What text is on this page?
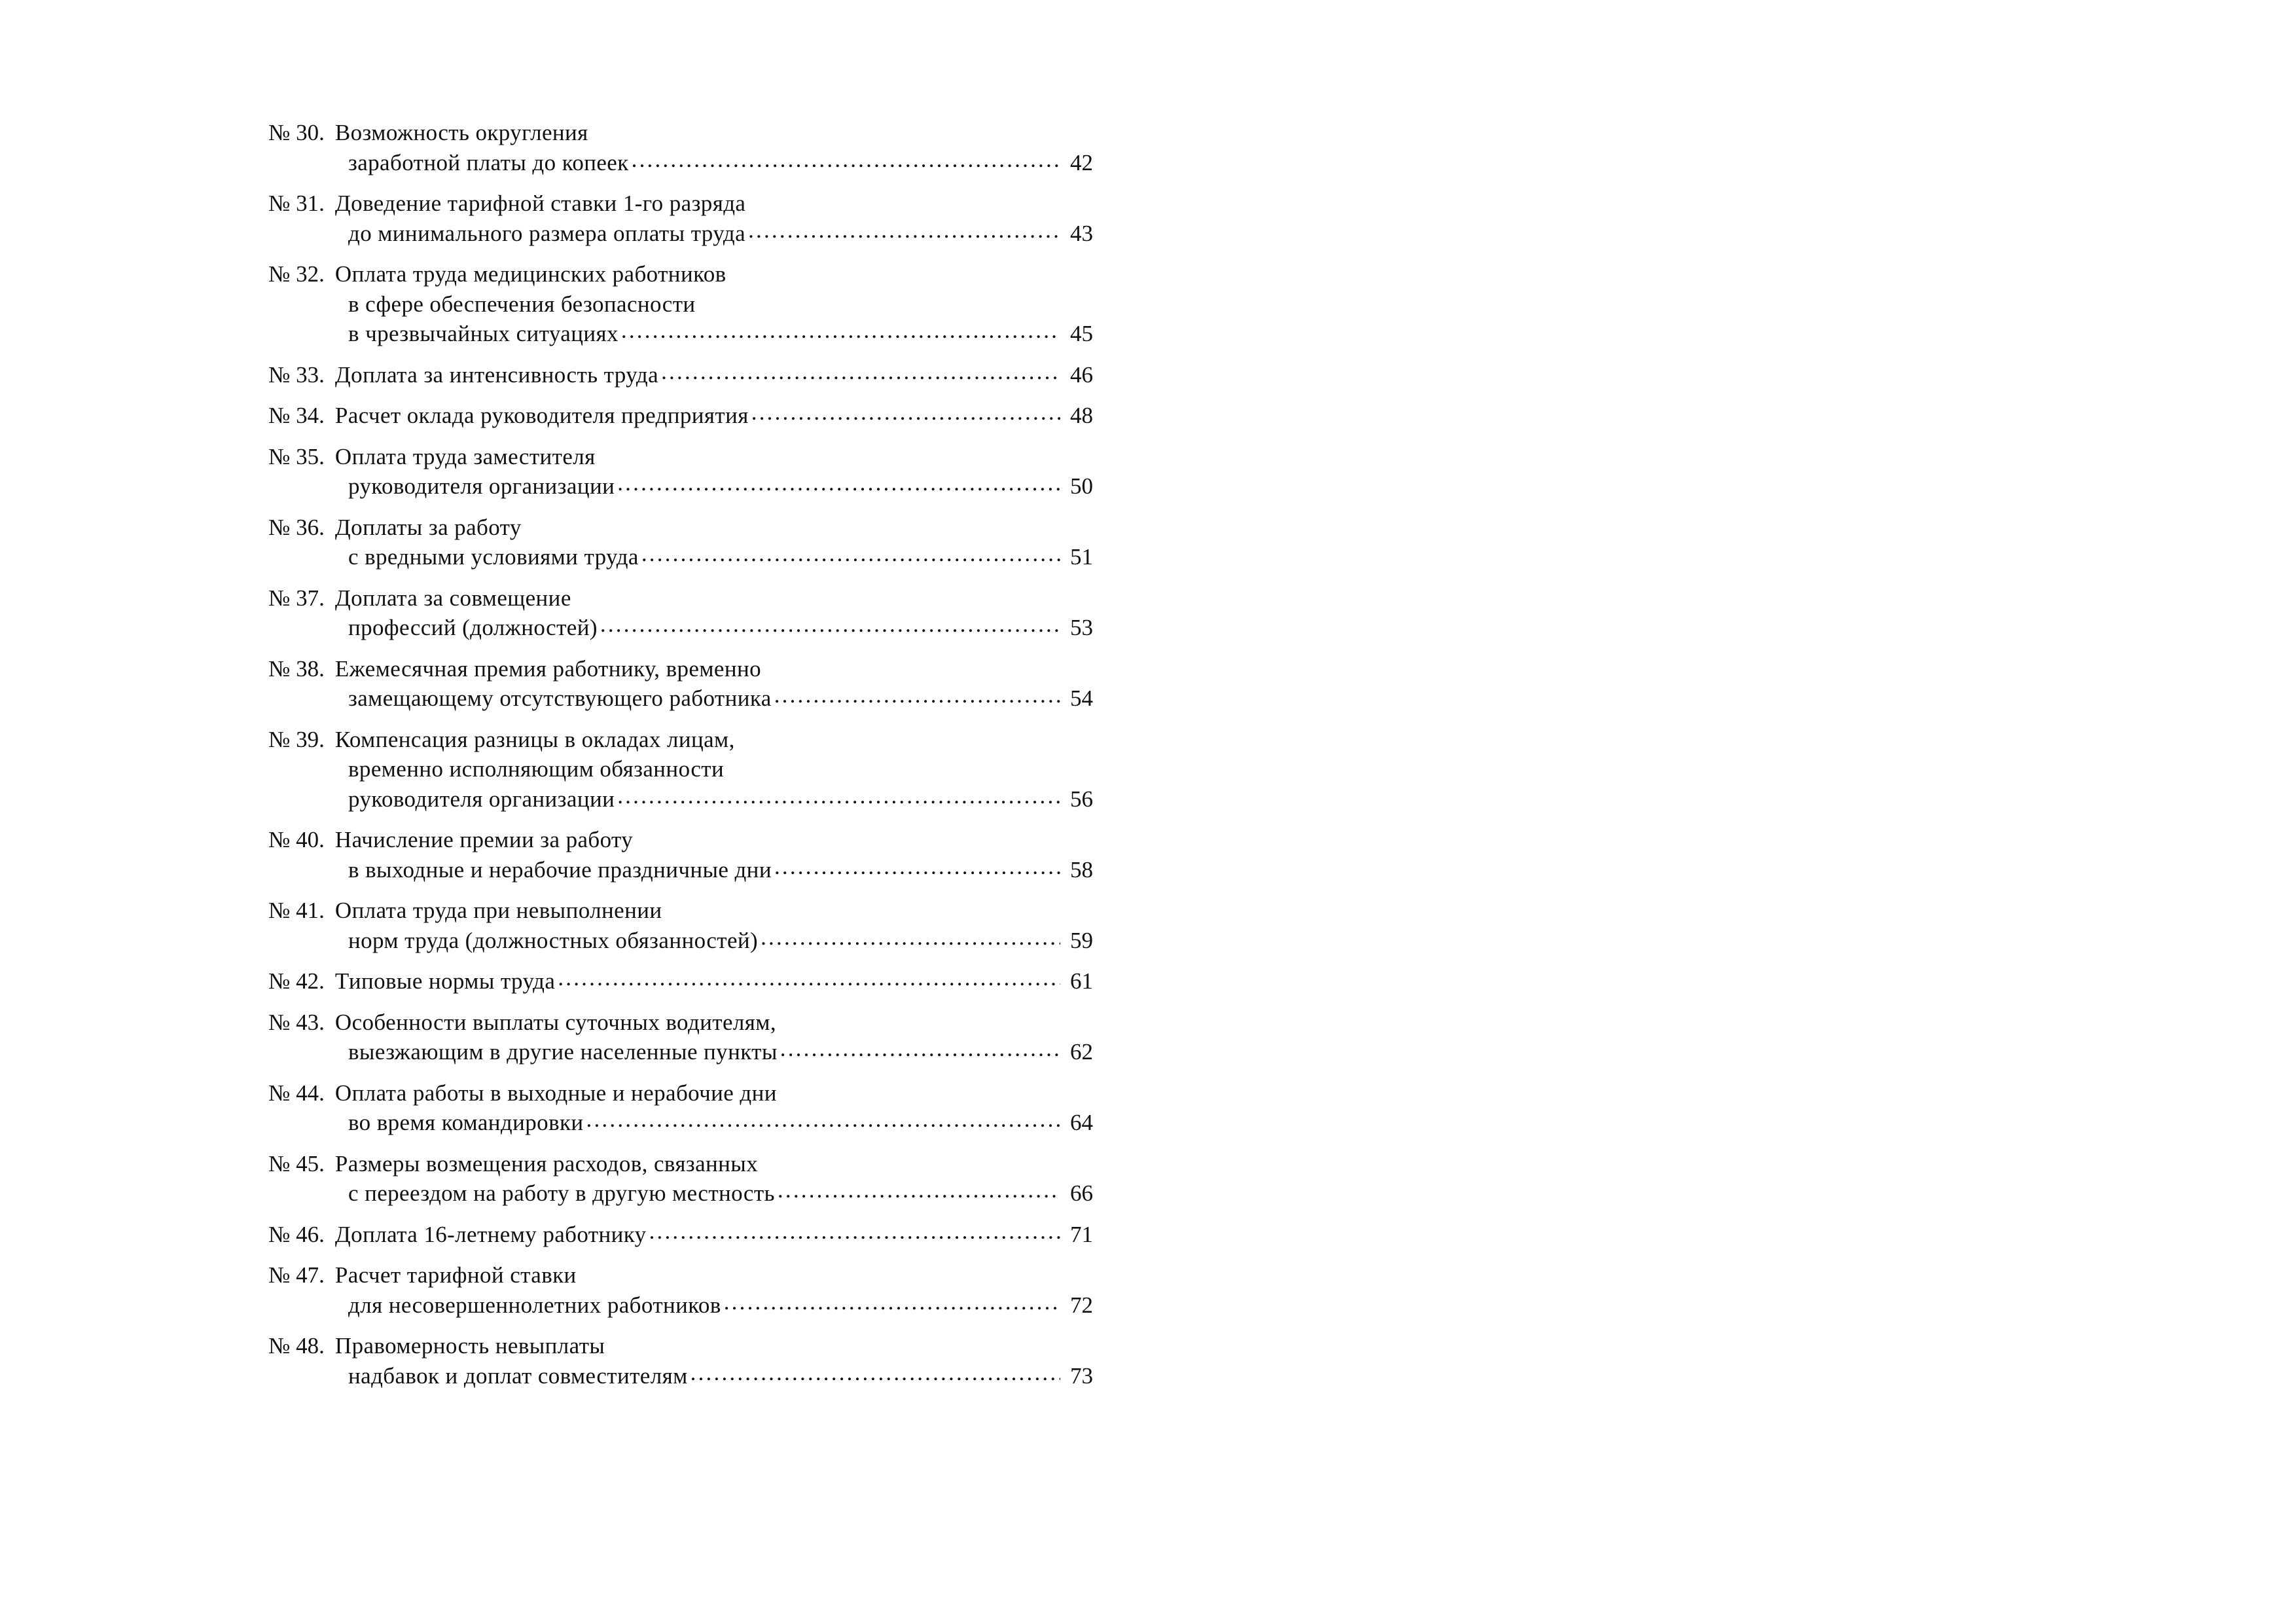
№ 30. Возможность округления
заработной платы до копеек .....	42
№ 31. Доведение тарифной ставки 1-го разряда
до минимального размера оплаты труда .....	43
№ 32. Оплата труда медицинских работников
в сфере обеспечения безопасности
в чрезвычайных ситуациях .....	45
№ 33. Доплата за интенсивность труда .....	46
№ 34. Расчет оклада руководителя предприятия .....	48
№ 35. Оплата труда заместителя
руководителя организации .....	50
№ 36. Доплаты за работу
с вредными условиями труда .....	51
№ 37. Доплата за совмещение
профессий (должностей) .....	53
№ 38. Ежемесячная премия работнику, временно
замещающему отсутствующего работника .....	54
№ 39. Компенсация разницы в окладах лицам,
временно исполняющим обязанности
руководителя организации .....	56
№ 40. Начисление премии за работу
в выходные и нерабочие праздничные дни .....	58
№ 41. Оплата труда при невыполнении
норм труда (должностных обязанностей) .....	59
№ 42. Типовые нормы труда .....	61
№ 43. Особенности выплаты суточных водителям,
выезжающим в другие населенные пункты .....	62
№ 44. Оплата работы в выходные и нерабочие дни
во время командировки .....	64
№ 45. Размеры возмещения расходов, связанных
с переездом на работу в другую местность .....	66
№ 46. Доплата 16-летнему работнику .....	71
№ 47. Расчет тарифной ставки
для несовершеннолетних работников .....	72
№ 48. Правомерность невыплаты
надбавок и доплат совместителям .....	73
